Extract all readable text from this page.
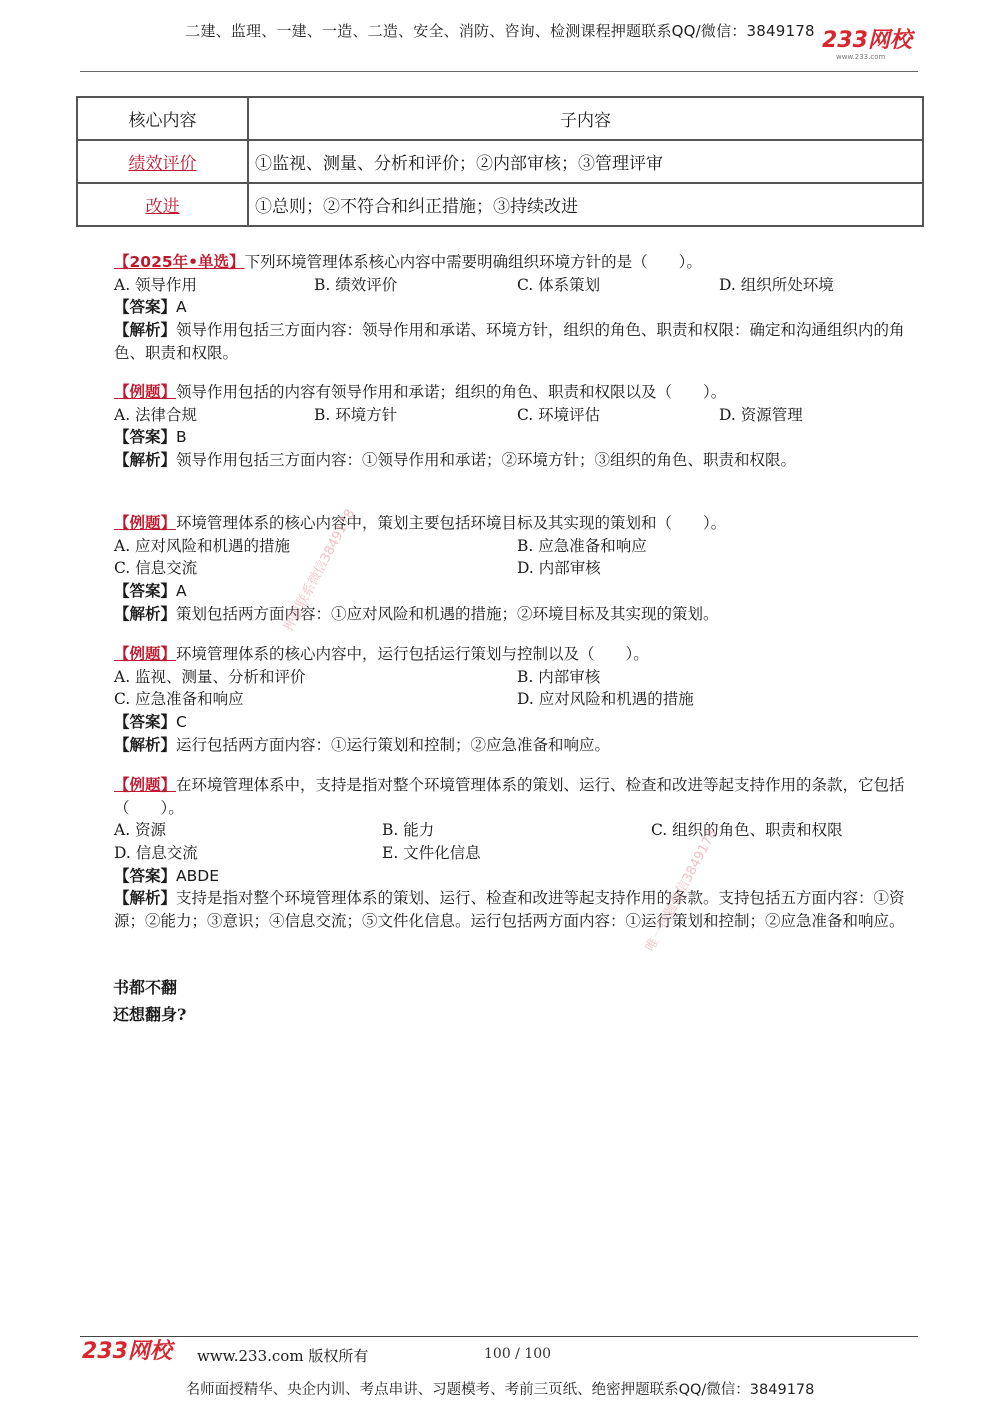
二建、监理、一建、一造、二造、安全、消防、咨询、检测课程押题联系QQ/微信：3849178 233网校
www.233.com
核心内容	子内容
绩效评价	①监视、测量、分析和评价；②内部审核；③管理评审
改进	①总则；②不符合和纠正措施；③持续改进

【2025年•单选】下列环境管理体系核心内容中需要明确组织环境方针的是（　　）。

A. 领导作用	B. 绩效评价	C. 体系策划	D. 组织所处环境

【答案】A

【解析】领导作用包括三方面内容：领导作用和承诺、环境方针，组织的角色、职责和权限：确定和沟通组织内的角色、职责和权限。

【例题】领导作用包括的内容有领导作用和承诺；组织的角色、职责和权限以及（　　）。

A. 法律合规	B. 环境方针	C. 环境评估	D. 资源管理

【答案】B

【解析】领导作用包括三方面内容：①领导作用和承诺；②环境方针；③组织的角色、职责和权限。

【例题】环境管理体系的核心内容中，策划主要包括环境目标及其实现的策划和（　　）。

A. 应对风险和机遇的措施	B. 应急准备和响应
C. 信息交流	D. 内部审核

【答案】A

【解析】策划包括两方面内容：①应对风险和机遇的措施；②环境目标及其实现的策划。

【例题】环境管理体系的核心内容中，运行包括运行策划与控制以及（　　）。

A. 监视、测量、分析和评价	B. 内部审核
C. 应急准备和响应	D. 应对风险和机遇的措施

【答案】C

【解析】运行包括两方面内容：①运行策划和控制；②应急准备和响应。

【例题】在环境管理体系中，支持是指对整个环境管理体系的策划、运行、检查和改进等起支持作用的条款，它包括（　　）。

A. 资源	B. 能力	C. 组织的角色、职责和权限
D. 信息交流	E. 文件化信息

【答案】ABDE

【解析】支持是指对整个环境管理体系的策划、运行、检查和改进等起支持作用的条款。支持包括五方面内容：①资源；②能力；③意识；④信息交流；⑤文件化信息。运行包括两方面内容：①运行策划和控制；②应急准备和响应。

书都不翻
还想翻身?
押题联系微信3849178
唯一押题微信3849178
233网校 www.233.com 版权所有	100 / 100
名师面授精华、央企内训、考点串讲、习题模考、考前三页纸、绝密押题联系QQ/微信：3849178
